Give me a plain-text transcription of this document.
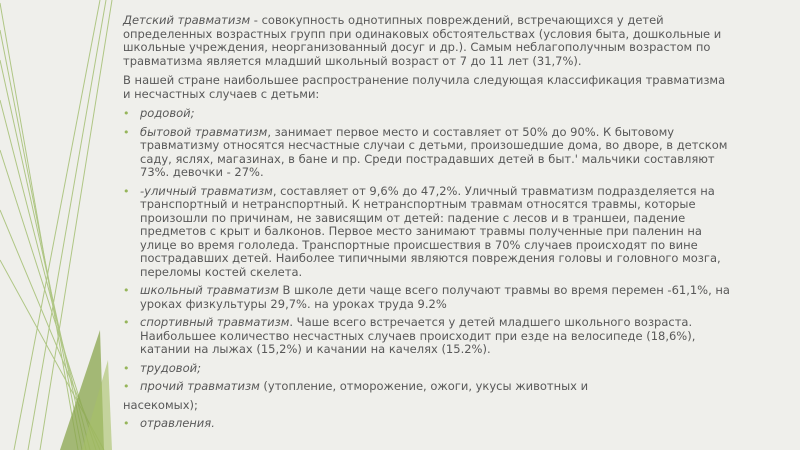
Детский травматизм - совокупность однотипных повреждений, встречающихся у детей определенных возрастных групп при одинаковых обстоятельствах (условия быта, дошкольные и школьные учреждения, неорганизованный досуг и др.). Самым неблагополучным возрастом по травматизма является младший школьный возраст от 7 до 11 лет (31,7%).

В нашей стране наибольшее распространение получила следующая классификация травматизма и несчастных случаев с детьми:

• родовой;
• бытовой травматизм, занимает первое место и составляет от 50% до 90%. К бытовому травматизму относятся несчастные случаи с детьми, произошедшие дома, во дворе, в детском саду, яслях, магазинах, в бане и пр. Среди пострадавших детей в быт.' мальчики составляют 73%. девочки - 27%.
• -уличный травматизм, составляет от 9,6% до 47,2%. Уличный травматизм подразделяется на транспортный и нетранспортный. К нетранспортным травмам относятся травмы, которые произошли по причинам, не зависящим от детей: падение с лесов и в траншеи, падение предметов с крыт и балконов. Первое место занимают травмы полученные при паленин на улице во время гололеда. Транспортные происшествия в 70% случаев происходят по вине пострадавших детей. Наиболее типичными являются повреждения головы и головного мозга, переломы костей скелета.
• школьный травматизм В школе дети чаще всего получают травмы во время перемен -61,1%, на уроках физкультуры 29,7%. на уроках труда 9.2%
• спортивный травматизм. Чаше всего встречается у детей младшего школьного возраста. Наибольшее количество несчастных случаев происходит при езде на велосипеде (18,6%), катании на лыжах (15,2%) и качании на качелях (15.2%).
• трудовой;
• прочий травматизм (утопление, отморожение, ожоги, укусы животных и
насекомых);
• отравления.
